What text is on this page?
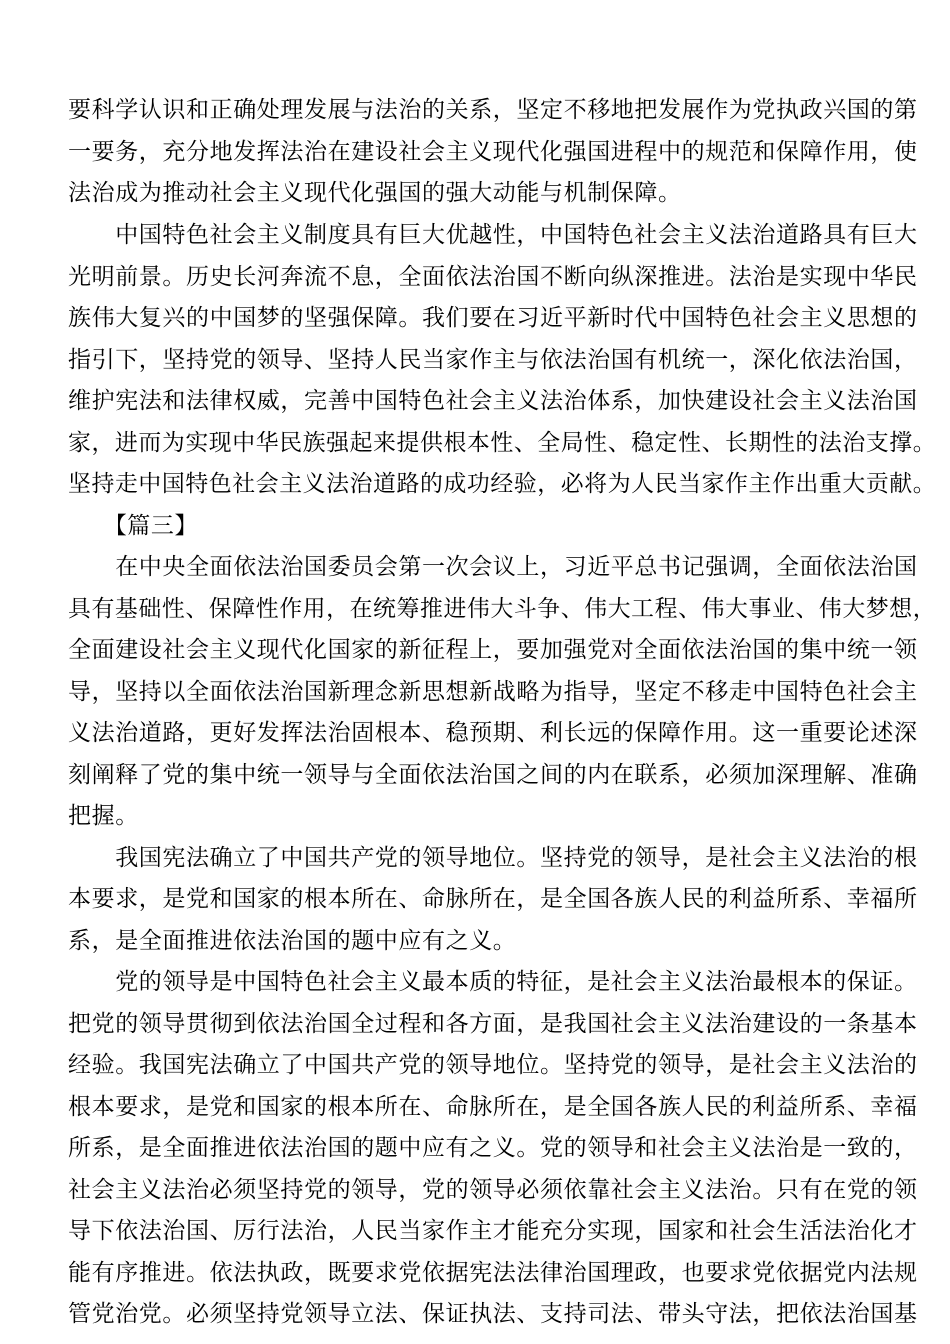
要科学认识和正确处理发展与法治的关系，坚定不移地把发展作为党执政兴国的第
一要务，充分地发挥法治在建设社会主义现代化强国进程中的规范和保障作用，使
法治成为推动社会主义现代化强国的强大动能与机制保障。
　　中国特色社会主义制度具有巨大优越性，中国特色社会主义法治道路具有巨大
光明前景。历史长河奔流不息，全面依法治国不断向纵深推进。法治是实现中华民
族伟大复兴的中国梦的坚强保障。我们要在习近平新时代中国特色社会主义思想的
指引下，坚持党的领导、坚持人民当家作主与依法治国有机统一，深化依法治国，
维护宪法和法律权威，完善中国特色社会主义法治体系，加快建设社会主义法治国
家，进而为实现中华民族强起来提供根本性、全局性、稳定性、长期性的法治支撑。
坚持走中国特色社会主义法治道路的成功经验，必将为人民当家作主作出重大贡献。
　　【篇三】
　　在中央全面依法治国委员会第一次会议上，习近平总书记强调，全面依法治国
具有基础性、保障性作用，在统筹推进伟大斗争、伟大工程、伟大事业、伟大梦想，
全面建设社会主义现代化国家的新征程上，要加强党对全面依法治国的集中统一领
导，坚持以全面依法治国新理念新思想新战略为指导，坚定不移走中国特色社会主
义法治道路，更好发挥法治固根本、稳预期、利长远的保障作用。这一重要论述深
刻阐释了党的集中统一领导与全面依法治国之间的内在联系，必须加深理解、准确
把握。
　　我国宪法确立了中国共产党的领导地位。坚持党的领导，是社会主义法治的根
本要求，是党和国家的根本所在、命脉所在，是全国各族人民的利益所系、幸福所
系，是全面推进依法治国的题中应有之义。
　　党的领导是中国特色社会主义最本质的特征，是社会主义法治最根本的保证。
把党的领导贯彻到依法治国全过程和各方面，是我国社会主义法治建设的一条基本
经验。我国宪法确立了中国共产党的领导地位。坚持党的领导，是社会主义法治的
根本要求，是党和国家的根本所在、命脉所在，是全国各族人民的利益所系、幸福
所系，是全面推进依法治国的题中应有之义。党的领导和社会主义法治是一致的，
社会主义法治必须坚持党的领导，党的领导必须依靠社会主义法治。只有在党的领
导下依法治国、厉行法治，人民当家作主才能充分实现，国家和社会生活法治化才
能有序推进。依法执政，既要求党依据宪法法律治国理政，也要求党依据党内法规
管党治党。必须坚持党领导立法、保证执法、支持司法、带头守法，把依法治国基
